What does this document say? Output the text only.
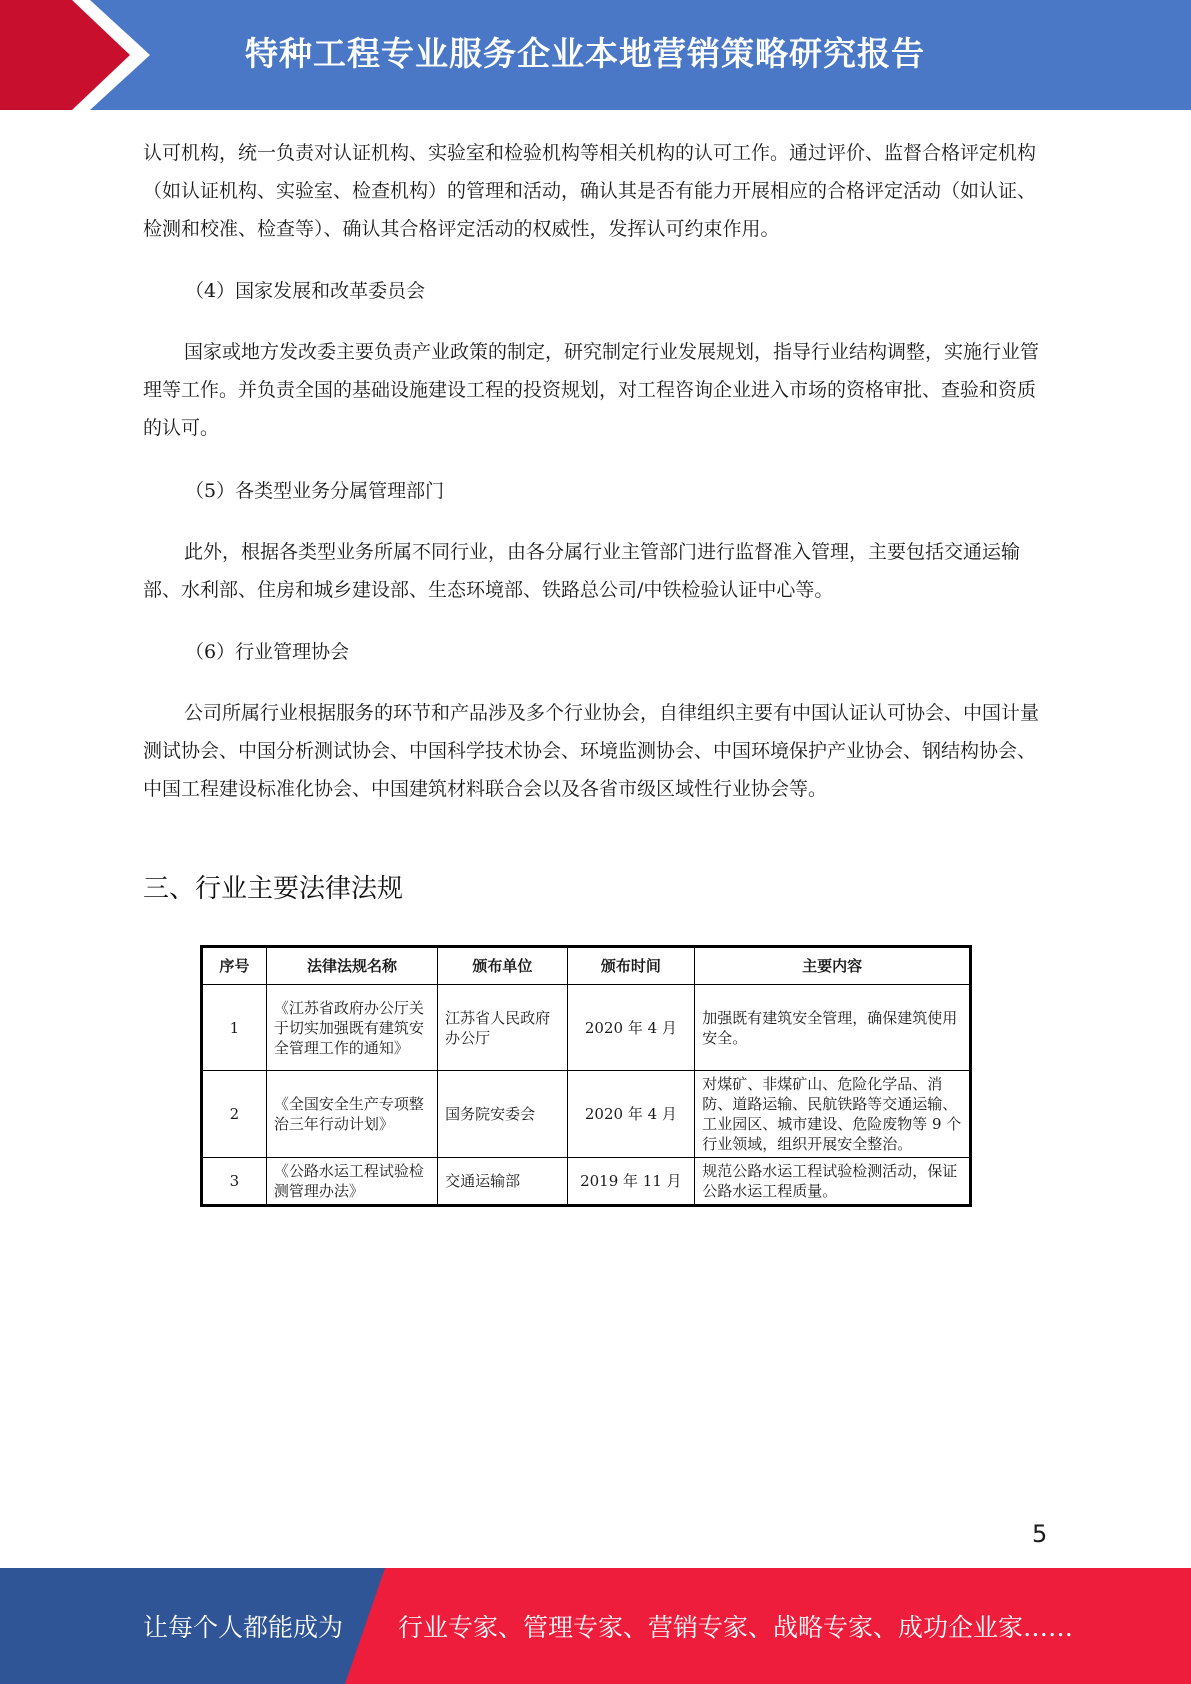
特种工程专业服务企业本地营销策略研究报告

认可机构，统一负责对认证机构、实验室和检验机构等相关机构的认可工作。通过评价、监督合格评定机构（如认证机构、实验室、检查机构）的管理和活动，确认其是否有能力开展相应的合格评定活动（如认证、检测和校准、检查等）、确认其合格评定活动的权威性，发挥认可约束作用。

（4）国家发展和改革委员会

国家或地方发改委主要负责产业政策的制定，研究制定行业发展规划，指导行业结构调整，实施行业管理等工作。并负责全国的基础设施建设工程的投资规划，对工程咨询企业进入市场的资格审批、查验和资质的认可。

（5）各类型业务分属管理部门

此外，根据各类型业务所属不同行业，由各分属行业主管部门进行监督准入管理，主要包括交通运输部、水利部、住房和城乡建设部、生态环境部、铁路总公司/中铁检验认证中心等。

（6）行业管理协会

公司所属行业根据服务的环节和产品涉及多个行业协会，自律组织主要有中国认证认可协会、中国计量测试协会、中国分析测试协会、中国科学技术协会、环境监测协会、中国环境保护产业协会、钢结构协会、中国工程建设标准化协会、中国建筑材料联合会以及各省市级区域性行业协会等。

三、行业主要法律法规
序号	法律法规名称	颁布单位	颁布时间	主要内容
1	《江苏省政府办公厅关于切实加强既有建筑安全管理工作的通知》	江苏省人民政府办公厅	2020 年 4 月	加强既有建筑安全管理，确保建筑使用安全。
2	《全国安全生产专项整治三年行动计划》	国务院安委会	2020 年 4 月	对煤矿、非煤矿山、危险化学品、消防、道路运输、民航铁路等交通运输、工业园区、城市建设、危险废物等 9 个行业领域，组织开展安全整治。
3	《公路水运工程试验检测管理办法》	交通运输部	2019 年 11 月	规范公路水运工程试验检测活动，保证公路水运工程质量。
5
让每个人都能成为 行业专家、管理专家、营销专家、战略专家、成功企业家……
